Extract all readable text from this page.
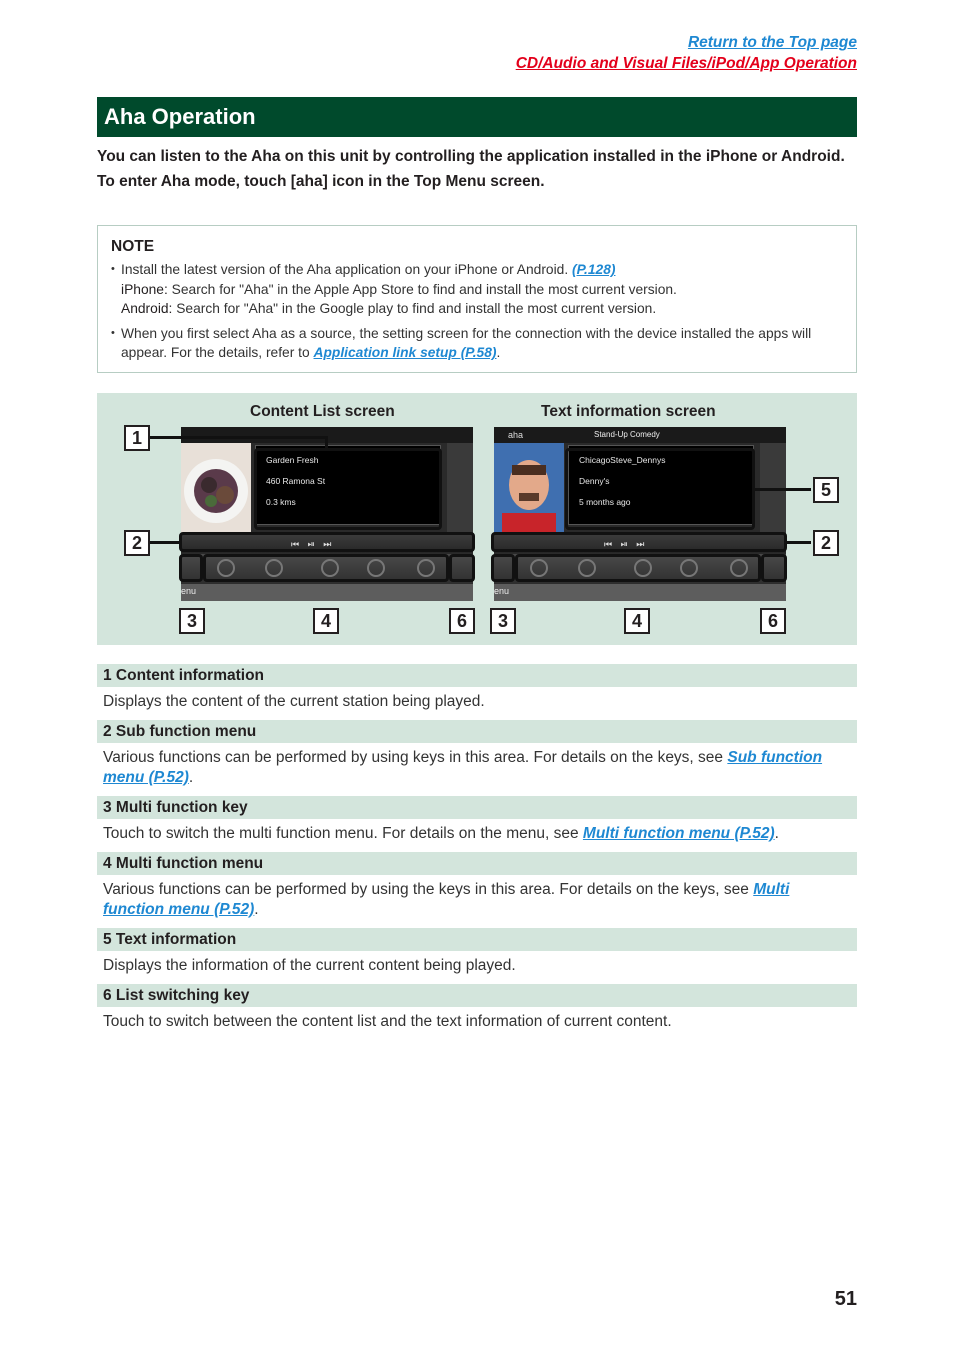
Return to the Top page
CD/Audio and Visual Files/iPod/App Operation
Aha Operation

You can listen to the Aha on this unit by controlling the application installed in the iPhone or Android.

To enter Aha mode, touch [aha] icon in the Top Menu screen.

NOTE
• Install the latest version of the Aha application on your iPhone or Android. (P.128)
iPhone: Search for "Aha" in the Apple App Store to find and install the most current version.
Android: Search for "Aha" in the Google play to find and install the most current version.
• When you first select Aha as a source, the setting screen for the connection with the device installed the apps will appear. For the details, refer to Application link setup (P.58).
Content List screen	Text information screen
Garden Fresh
460 Ramona St
0.3 kms
⏮ ⏯ ⏭
enu
aha	Stand-Up Comedy
ChicagoSteve_Dennys
Denny's
5 months ago
⏮ ⏯ ⏭
enu
1
2
3	4	6
5
2
3	4	6
1 Content information
Displays the content of the current station being played.
2 Sub function menu
Various functions can be performed by using keys in this area. For details on the keys, see Sub function menu (P.52).
3 Multi function key
Touch to switch the multi function menu. For details on the menu, see Multi function menu (P.52).
4 Multi function menu
Various functions can be performed by using the keys in this area. For details on the keys, see Multi function menu (P.52).
5 Text information
Displays the information of the current content being played.
6 List switching key
Touch to switch between the content list and the text information of current content.
51
